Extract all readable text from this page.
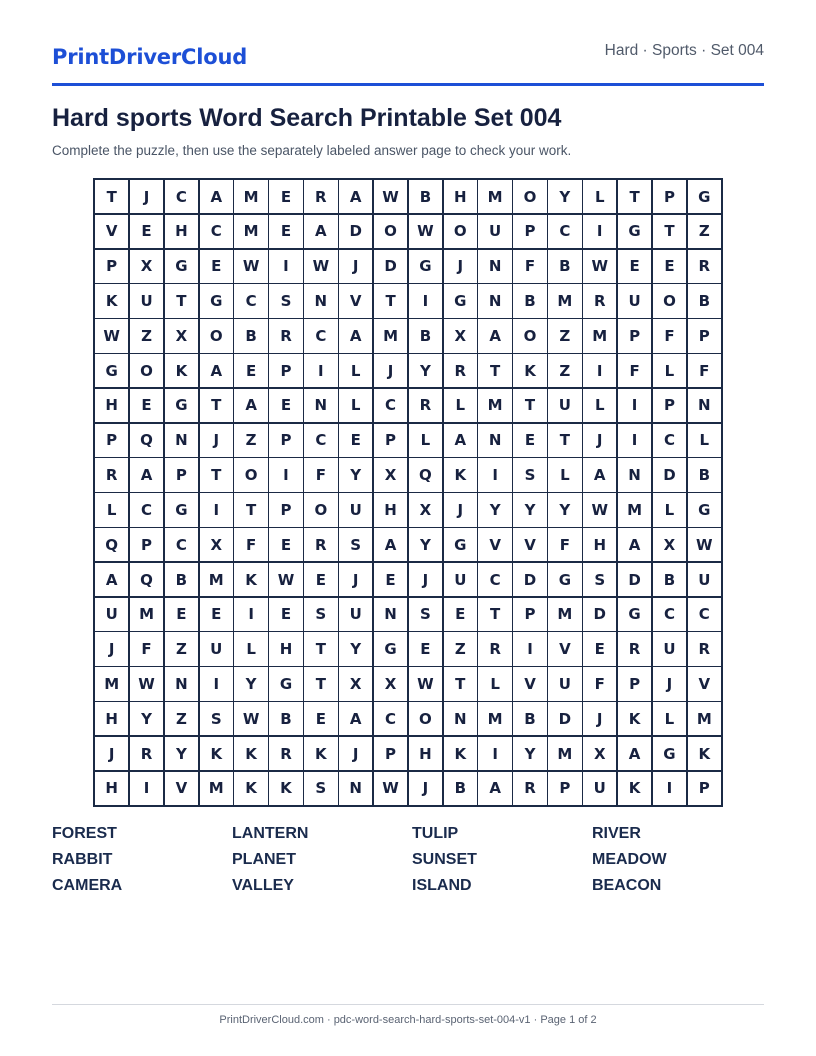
PrintDriverCloud	Hard · Sports · Set 004
Hard sports Word Search Printable Set 004
Complete the puzzle, then use the separately labeled answer page to check your work.
T	J	C	A	M	E	R	A	W	B	H	M	O	Y	L	T	P	G
V	E	H	C	M	E	A	D	O	W	O	U	P	C	I	G	T	Z
P	X	G	E	W	I	W	J	D	G	J	N	F	B	W	E	E	R
K	U	T	G	C	S	N	V	T	I	G	N	B	M	R	U	O	B
W	Z	X	O	B	R	C	A	M	B	X	A	O	Z	M	P	F	P
G	O	K	A	E	P	I	L	J	Y	R	T	K	Z	I	F	L	F
H	E	G	T	A	E	N	L	C	R	L	M	T	U	L	I	P	N
P	Q	N	J	Z	P	C	E	P	L	A	N	E	T	J	I	C	L
R	A	P	T	O	I	F	Y	X	Q	K	I	S	L	A	N	D	B
L	C	G	I	T	P	O	U	H	X	J	Y	Y	Y	W	M	L	G
Q	P	C	X	F	E	R	S	A	Y	G	V	V	F	H	A	X	W
A	Q	B	M	K	W	E	J	E	J	U	C	D	G	S	D	B	U
U	M	E	E	I	E	S	U	N	S	E	T	P	M	D	G	C	C
J	F	Z	U	L	H	T	Y	G	E	Z	R	I	V	E	R	U	R
M	W	N	I	Y	G	T	X	X	W	T	L	V	U	F	P	J	V
H	Y	Z	S	W	B	E	A	C	O	N	M	B	D	J	K	L	M
J	R	Y	K	K	R	K	J	P	H	K	I	Y	M	X	A	G	K
H	I	V	M	K	K	S	N	W	J	B	A	R	P	U	K	I	P
FOREST	LANTERN	TULIP	RIVER
RABBIT	PLANET	SUNSET	MEADOW
CAMERA	VALLEY	ISLAND	BEACON
PrintDriverCloud.com · pdc-word-search-hard-sports-set-004-v1 · Page 1 of 2
